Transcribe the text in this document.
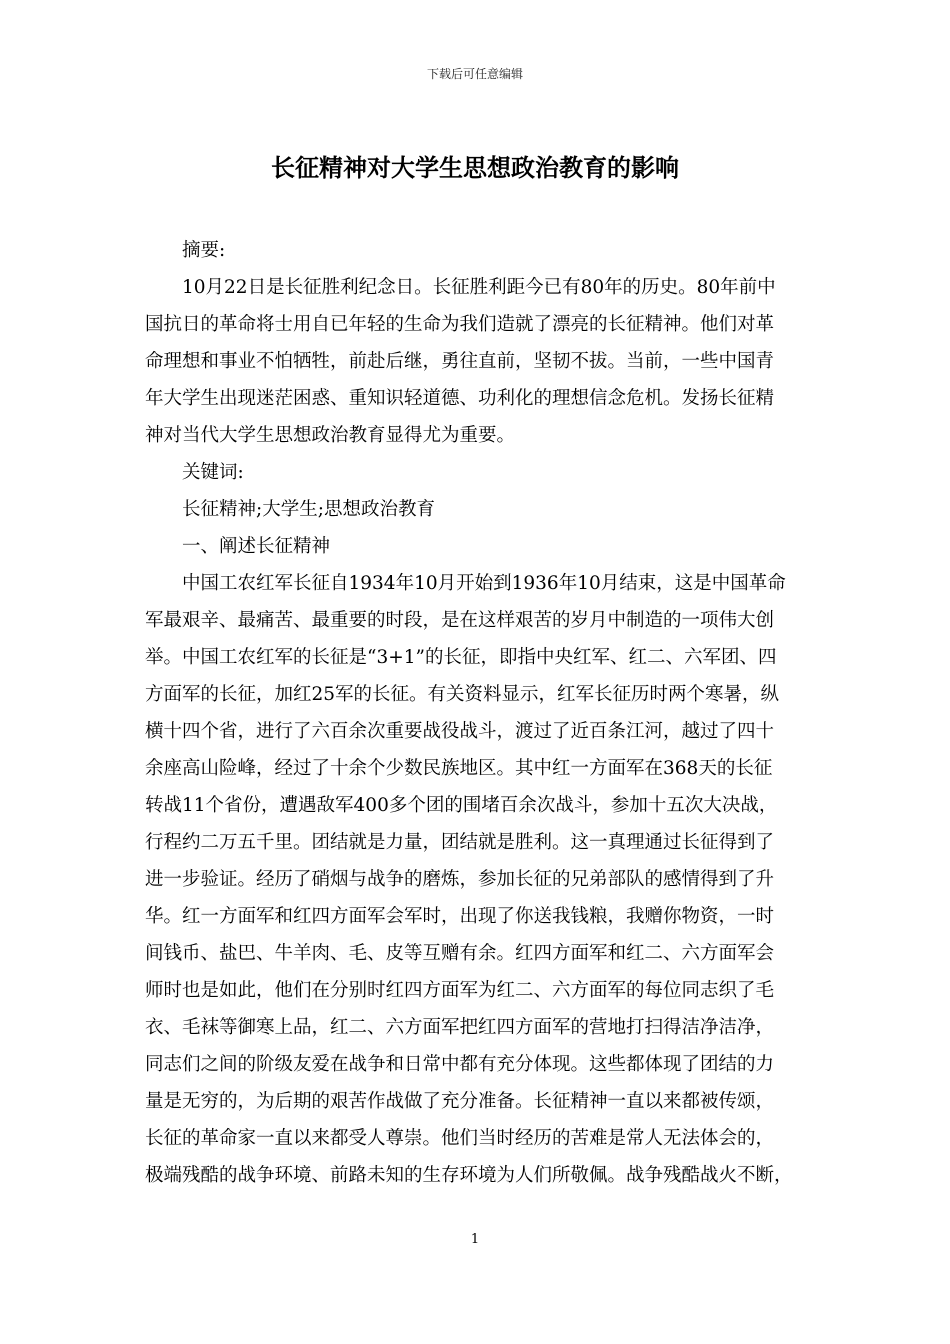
下载后可任意编辑
长征精神对大学生思想政治教育的影响

摘要:

10月22日是长征胜利纪念日。长征胜利距今已有80年的历史。80年前中
国抗日的革命将士用自已年轻的生命为我们造就了漂亮的长征精神。他们对革
命理想和事业不怕牺牲，前赴后继，勇往直前，坚韧不拔。当前，一些中国青
年大学生出现迷茫困惑、重知识轻道德、功利化的理想信念危机。发扬长征精
神对当代大学生思想政治教育显得尤为重要。

关键词:

长征精神;大学生;思想政治教育

一、阐述长征精神

中国工农红军长征自1934年10月开始到1936年10月结束，这是中国革命
军最艰辛、最痛苦、最重要的时段，是在这样艰苦的岁月中制造的一项伟大创
举。中国工农红军的长征是“3+1”的长征，即指中央红军、红二、六军团、四
方面军的长征，加红25军的长征。有关资料显示，红军长征历时两个寒暑，纵
横十四个省，进行了六百余次重要战役战斗，渡过了近百条江河，越过了四十
余座高山险峰，经过了十余个少数民族地区。其中红一方面军在368天的长征
转战11个省份，遭遇敌军400多个团的围堵百余次战斗，参加十五次大决战，
行程约二万五千里。团结就是力量，团结就是胜利。这一真理通过长征得到了
进一步验证。经历了硝烟与战争的磨炼，参加长征的兄弟部队的感情得到了升
华。红一方面军和红四方面军会军时，出现了你送我钱粮，我赠你物资，一时
间钱币、盐巴、牛羊肉、毛、皮等互赠有余。红四方面军和红二、六方面军会
师时也是如此，他们在分别时红四方面军为红二、六方面军的每位同志织了毛
衣、毛袜等御寒上品，红二、六方面军把红四方面军的营地打扫得洁净洁净，
同志们之间的阶级友爱在战争和日常中都有充分体现。这些都体现了团结的力
量是无穷的，为后期的艰苦作战做了充分准备。长征精神一直以来都被传颂，
长征的革命家一直以来都受人尊崇。他们当时经历的苦难是常人无法体会的，
极端残酷的战争环境、前路未知的生存环境为人们所敬佩。战争残酷战火不断，

1
